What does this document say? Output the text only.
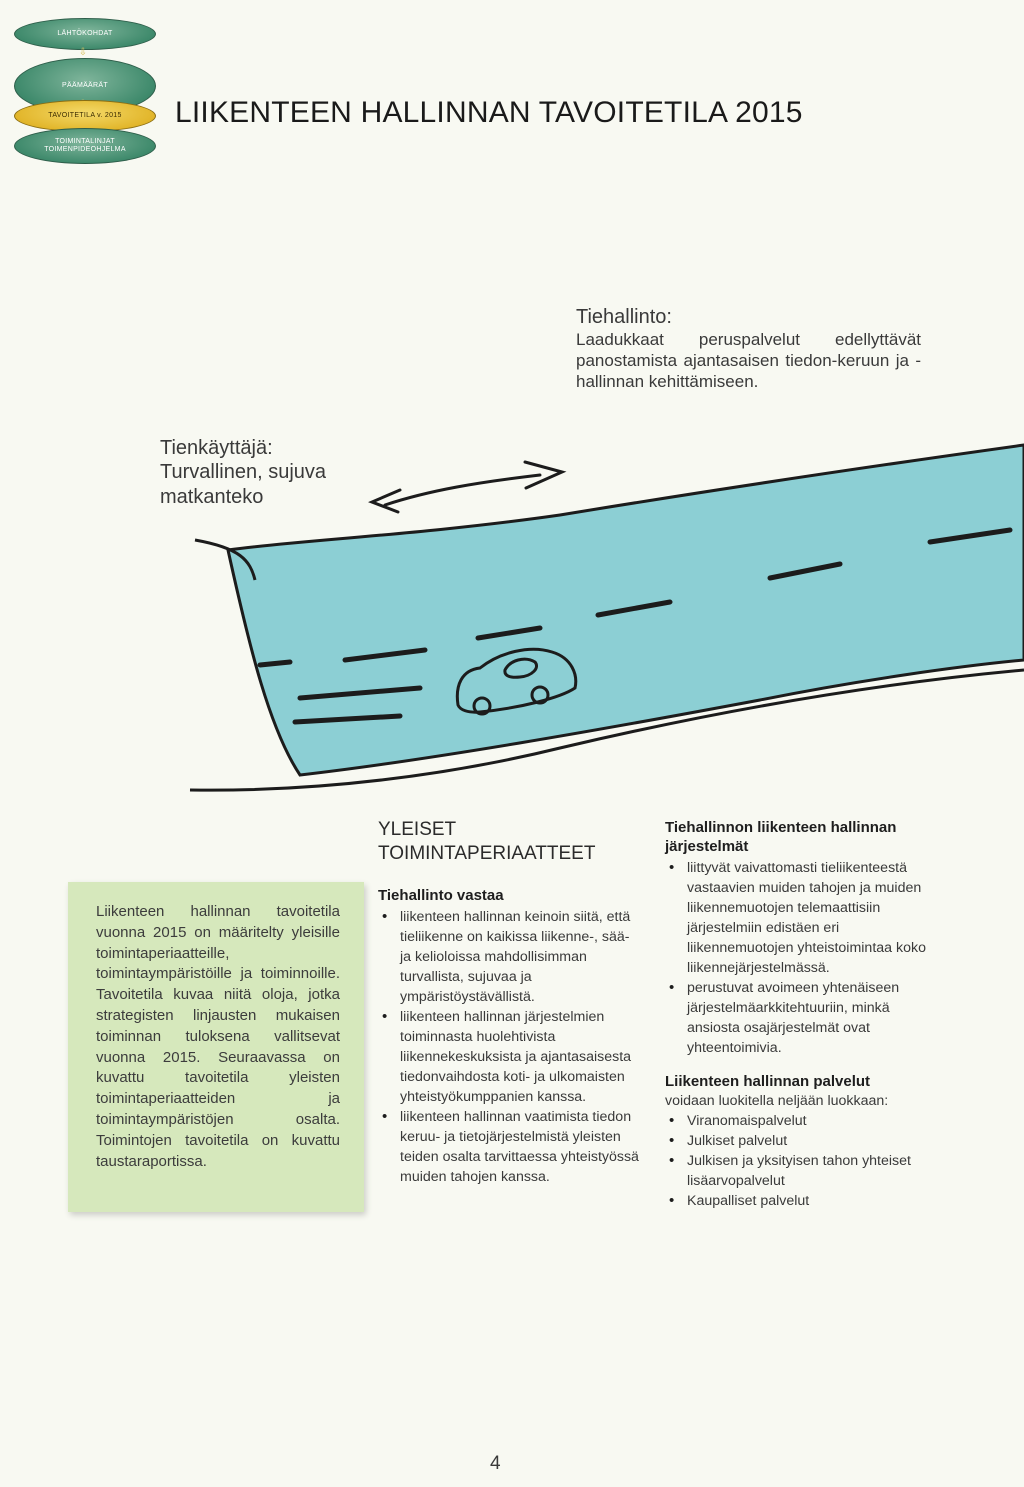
LÄHTÖKOHDAT
⇩
PÄÄMÄÄRÄT
TAVOITETILA v. 2015
TOIMINTALINJAT TOIMENPIDEOHJELMA
LIIKENTEEN HALLINNAN TAVOITETILA 2015

Tiehallinto:

Laadukkaat peruspalvelut edellyttävät panostamista ajantasaisen tiedon-keruun ja -hallinnan kehittämiseen.

Tienkäyttäjä:

Turvallinen, sujuva matkanteko

Liikenteen hallinnan tavoitetila vuonna 2015 on määritelty yleisille toimintaperiaatteille, toimintaympäristöille ja toiminnoille. Tavoitetila kuvaa niitä oloja, jotka strategisten linjausten mukaisen toiminnan tuloksena vallitsevat vuonna 2015. Seuraavassa on kuvattu tavoitetila yleisten toimintaperiaatteiden ja toimintaympäristöjen osalta. Toimintojen tavoitetila on kuvattu taustaraportissa.

YLEISET TOIMINTAPERIAATTEET

Tiehallinto vastaa

• liikenteen hallinnan keinoin siitä, että tieliikenne on kaikissa liikenne-, sää- ja kelioloissa mahdollisimman turvallista, sujuvaa ja ympäristöystävällistä.
• liikenteen hallinnan järjestelmien toiminnasta huolehtivista liikennekeskuksista ja ajantasaisesta tiedonvaihdosta koti- ja ulkomaisten yhteistyökumppanien kanssa.
• liikenteen hallinnan vaatimista tiedon keruu- ja tietojärjestelmistä yleisten teiden osalta tarvittaessa yhteistyössä muiden tahojen kanssa.

Tiehallinnon liikenteen hallinnan järjestelmät

• liittyvät vaivattomasti tieliikenteestä vastaavien muiden tahojen ja muiden liikennemuotojen telemaattisiin järjestelmiin edistäen eri liikennemuotojen yhteistoimintaa koko liikennejärjestelmässä.
• perustuvat avoimeen yhtenäiseen järjestelmäarkkitehtuuriin, minkä ansiosta osajärjestelmät ovat yhteentoimivia.

Liikenteen hallinnan palvelut

voidaan luokitella neljään luokkaan:

• Viranomaispalvelut
• Julkiset palvelut
• Julkisen ja yksityisen tahon yhteiset lisäarvopalvelut
• Kaupalliset palvelut
4
